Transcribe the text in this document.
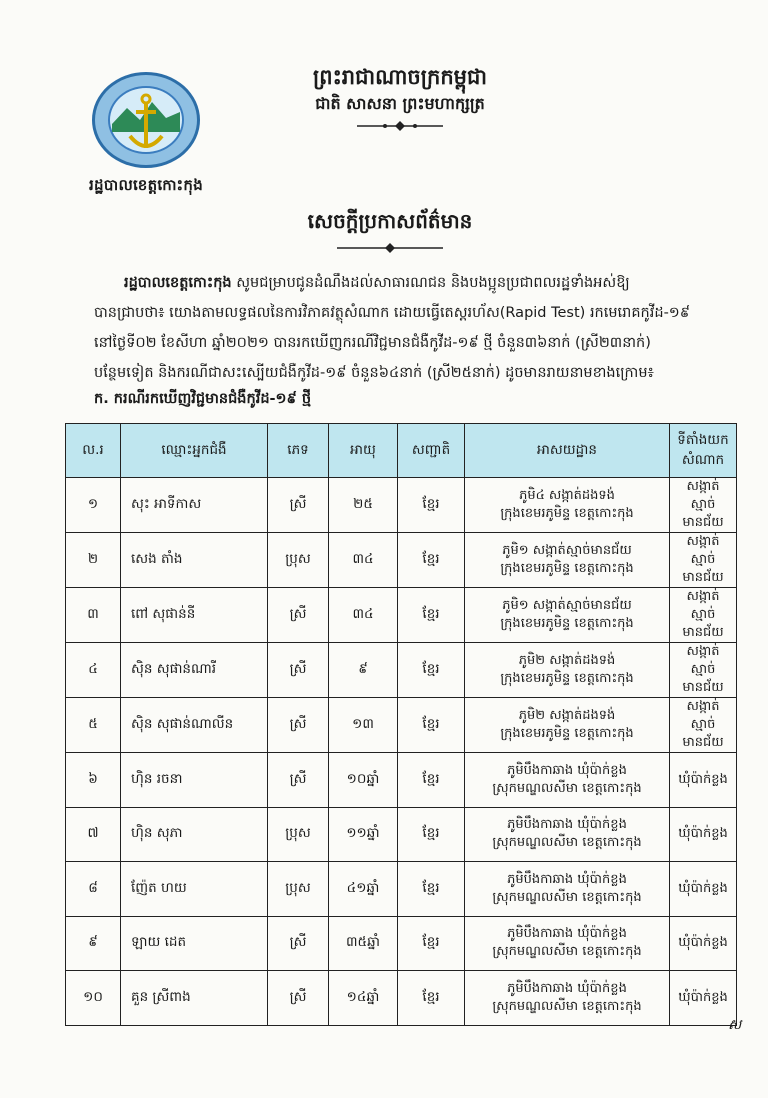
រដ្ឋបាលខេត្តកោះកុង
ព្រះរាជាណាចក្រកម្ពុជា
ជាតិ សាសនា ព្រះមហាក្សត្រ
សេចក្តីប្រកាសព័ត៌មាន

រដ្ឋបាលខេត្តកោះកុង សូមជម្រាបជូនដំណឹងដល់សាធារណជន និងបងប្អូនប្រជាពលរដ្ឋទាំងអស់ឱ្យ

បានជ្រាបថា៖ យោងតាមលទ្ធផលនៃការវិភាគវត្ថុសំណាក ដោយធ្វើតេស្តរហ័ស(Rapid Test) រកមេរោគកូវីដ-១៩

នៅថ្ងៃទី០២ ខែសីហា ឆ្នាំ២០២១ បានរកឃើញករណីវិជ្ជមានជំងឺកូវីដ-១៩ ថ្មី ចំនួន៣៦នាក់ (ស្រី២៣នាក់)

បន្ថែមទៀត និងករណីជាសះស្បើយជំងឺកូវីដ-១៩ ចំនួន៦៤នាក់ (ស្រី២៥នាក់) ដូចមានរាយនាមខាងក្រោម៖

ក. ករណីរកឃើញវិជ្ជមានជំងឺកូវីដ-១៩ ថ្មី
ល.រ	ឈ្មោះអ្នកជំងឺ	ភេទ	អាយុ	សញ្ជាតិ	អាសយដ្ឋាន	ទីតាំងយក
សំណាក
១	សុះ អាទីកាស	ស្រី	២៥	ខ្មែរ	ភូមិ៤ សង្កាត់ដងទង់
ក្រុងខេមរភូមិន្ទ ខេត្តកោះកុង	សង្កាត់
ស្មាច់មានជ័យ
២	សេង តាំង	ប្រុស	៣៤	ខ្មែរ	ភូមិ១ សង្កាត់ស្មាច់មានជ័យ
ក្រុងខេមរភូមិន្ទ ខេត្តកោះកុង	សង្កាត់
ស្មាច់មានជ័យ
៣	ពៅ សុផាន់នី	ស្រី	៣៤	ខ្មែរ	ភូមិ១ សង្កាត់ស្មាច់មានជ័យ
ក្រុងខេមរភូមិន្ទ ខេត្តកោះកុង	សង្កាត់
ស្មាច់មានជ័យ
៤	ស៊ិន សុផាន់ណារី	ស្រី	៩	ខ្មែរ	ភូមិ២ សង្កាត់ដងទង់
ក្រុងខេមរភូមិន្ទ ខេត្តកោះកុង	សង្កាត់
ស្មាច់មានជ័យ
៥	ស៊ិន សុផាន់ណាលីន	ស្រី	១៣	ខ្មែរ	ភូមិ២ សង្កាត់ដងទង់
ក្រុងខេមរភូមិន្ទ ខេត្តកោះកុង	សង្កាត់
ស្មាច់មានជ័យ
៦	ហ៊ិន រចនា	ស្រី	១០ឆ្នាំ	ខ្មែរ	ភូមិបឹងកាឆាង ឃុំប៉ាក់ខ្លង
ស្រុកមណ្ឌលសីមា ខេត្តកោះកុង	ឃុំប៉ាក់ខ្លង
៧	ហ៊ិន សុភា	ប្រុស	១១ឆ្នាំ	ខ្មែរ	ភូមិបឹងកាឆាង ឃុំប៉ាក់ខ្លង
ស្រុកមណ្ឌលសីមា ខេត្តកោះកុង	ឃុំប៉ាក់ខ្លង
៨	ញ៉ែត ហយ	ប្រុស	៤១ឆ្នាំ	ខ្មែរ	ភូមិបឹងកាឆាង ឃុំប៉ាក់ខ្លង
ស្រុកមណ្ឌលសីមា ខេត្តកោះកុង	ឃុំប៉ាក់ខ្លង
៩	ឡាយ ដេត	ស្រី	៣៥ឆ្នាំ	ខ្មែរ	ភូមិបឹងកាឆាង ឃុំប៉ាក់ខ្លង
ស្រុកមណ្ឌលសីមា ខេត្តកោះកុង	ឃុំប៉ាក់ខ្លង
១០	គួន ស្រីពាង	ស្រី	១៤ឆ្នាំ	ខ្មែរ	ភូមិបឹងកាឆាង ឃុំប៉ាក់ខ្លង
ស្រុកមណ្ឌលសីមា ខេត្តកោះកុង	ឃុំប៉ាក់ខ្លង
ស
